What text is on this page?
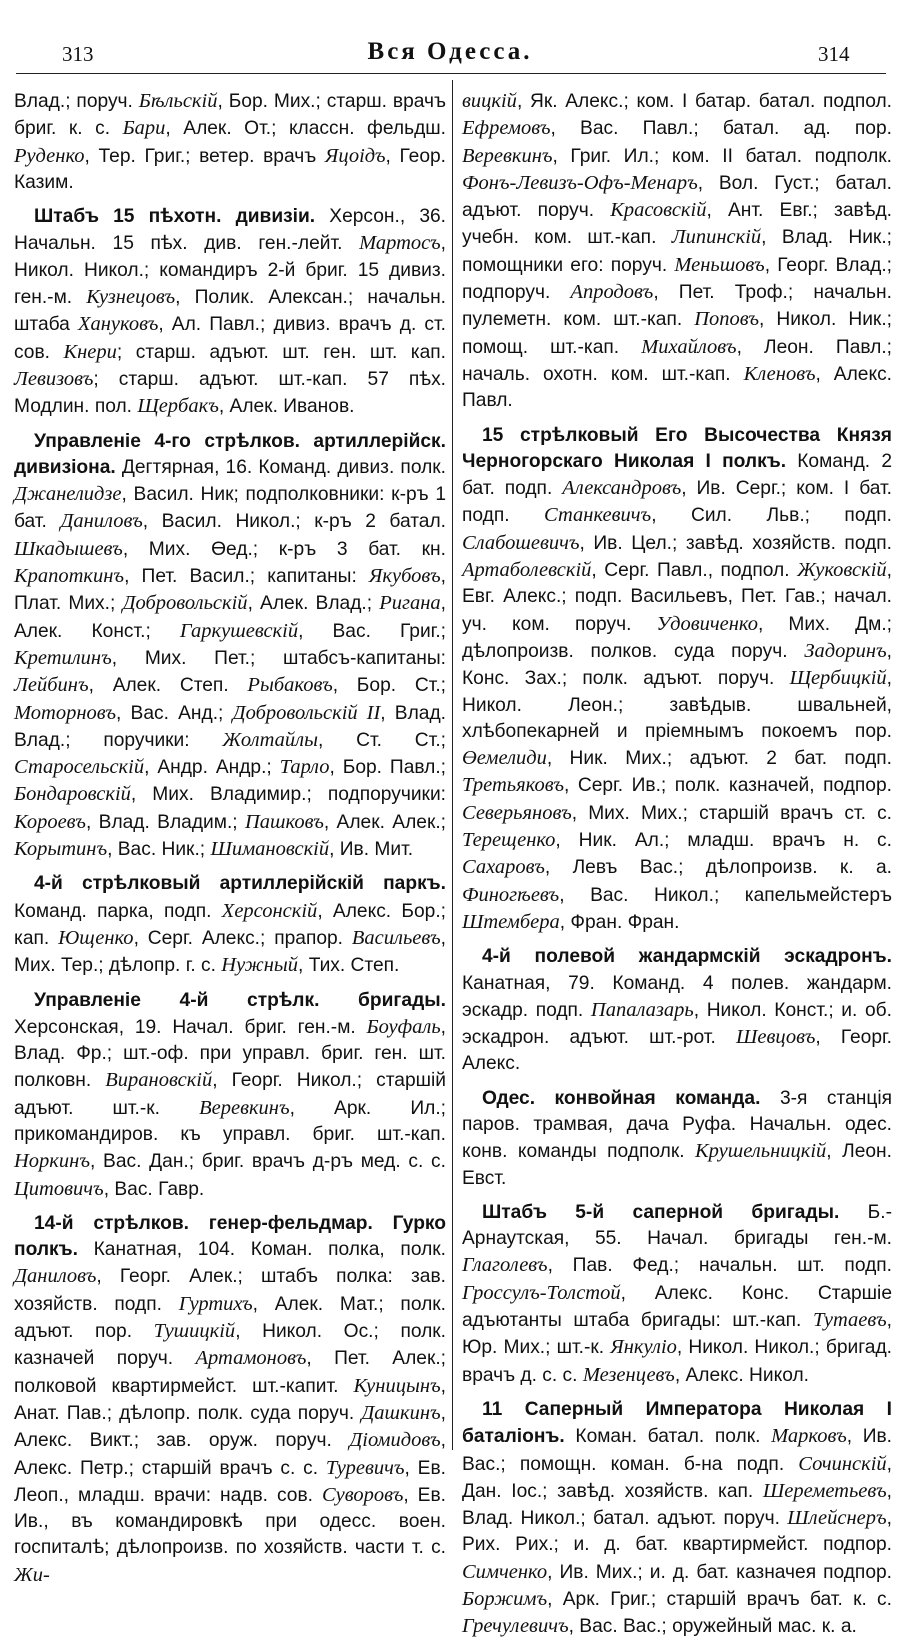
313	Вся Одесса.	314

Влад.; поруч. Бѣльскій, Бор. Мих.; старш. врачъ бриг. к. с. Бари, Алек. От.; классн. фельдш. Руденко, Тер. Григ.; ветер. врачъ Яцоідъ, Геор. Казим.

Штабъ 15 пѣхотн. дивизіи. Херсон., 36. Начальн. 15 пѣх. див. ген.-лейт. Мартосъ, Никол. Никол.; командиръ 2-й бриг. 15 дивиз. ген.-м. Кузнецовъ, Полик. Алексан.; начальн. штаба Хануковъ, Ал. Павл.; дивиз. врачъ д. ст. сов. Кнери; старш. адъют. шт. ген. шт. кап. Левизовъ; старш. адъют. шт.-кап. 57 пѣх. Модлин. пол. Щербакъ, Алек. Иванов.

Управленіе 4-го стрѣлков. артиллерійск. дивизіона. Дегтярная, 16. Команд. дивиз. полк. Джанелидзе, Васил. Ник; подполковники: к-ръ 1 бат. Даниловъ, Васил. Никол.; к-ръ 2 батал. Шкадышевъ, Мих. Өед.; к-ръ 3 бат. кн. Крапоткинъ, Пет. Васил.; капитаны: Якубовъ, Плат. Мих.; Добровольскій, Алек. Влад.; Ригана, Алек. Конст.; Гаркушевскій, Вас. Григ.; Кретилинъ, Мих. Пет.; штабсъ-капитаны: Лейбинъ, Алек. Степ. Рыбаковъ, Бор. Ст.; Моторновъ, Вас. Анд.; Добровольскій II, Влад. Влад.; поручики: Жолтайлы, Ст. Ст.; Старосельскій, Андр. Андр.; Тарло, Бор. Павл.; Бондаровскій, Мих. Владимир.; подпоручики: Короевъ, Влад. Владим.; Пашковъ, Алек. Алек.; Корытинъ, Вас. Ник.; Шимановскій, Ив. Мит.

4-й стрѣлковый артиллерійскій паркъ. Команд. парка, подп. Херсонскій, Алекс. Бор.; кап. Ющенко, Серг. Алекс.; прапор. Васильевъ, Мих. Тер.; дѣлопр. г. с. Нужный, Тих. Степ.

Управленіе 4-й стрѣлк. бригады. Херсонская, 19. Начал. бриг. ген.-м. Боуфаль, Влад. Фр.; шт.-оф. при управл. бриг. ген. шт. полковн. Вирановскій, Георг. Никол.; старшій адъют. шт.-к. Веревкинъ, Арк. Ил.; прикомандиров. къ управл. бриг. шт.-кап. Норкинъ, Вас. Дан.; бриг. врачъ д-ръ мед. с. с. Цитовичъ, Вас. Гавр.

14-й стрѣлков. генер-фельдмар. Гурко полкъ. Канатная, 104. Коман. полка, полк. Даниловъ, Георг. Алек.; штабъ полка: зав. хозяйств. подп. Гуртихъ, Алек. Мат.; полк. адъют. пор. Тушицкій, Никол. Ос.; полк. казначей поруч. Артамоновъ, Пет. Алек.; полковой квартирмейст. шт.-капит. Куницынъ, Анат. Пав.; дѣлопр. полк. суда поруч. Дашкинъ, Алекс. Викт.; зав. оруж. поруч. Діомидовъ, Алекс. Петр.; старшій врачъ с. с. Туревичъ, Ев. Леоп., младш. врачи: надв. сов. Суворовъ, Ев. Ив., въ командировкѣ при одесс. воен. госпиталѣ; дѣлопроизв. по хозяйств. части т. с. Жи-

вицкій, Як. Алекс.; ком. I батар. батал. подпол. Ефремовъ, Вас. Павл.; батал. ад. пор. Веревкинъ, Григ. Ил.; ком. II батал. подполк. Фонъ-Левизъ-Офъ-Менаръ, Вол. Густ.; батал. адъют. поруч. Красовскій, Ант. Евг.; завѣд. учебн. ком. шт.-кап. Липинскій, Влад. Ник.; помощники его: поруч. Меньшовъ, Георг. Влад.; подпоруч. Апродовъ, Пет. Троф.; начальн. пулеметн. ком. шт.-кап. Поповъ, Никол. Ник.; помощ. шт.-кап. Михайловъ, Леон. Павл.; началь. охотн. ком. шт.-кап. Кленовъ, Алекс. Павл.

15 стрѣлковый Его Высочества Князя Черногорскаго Николая I полкъ. Команд. 2 бат. подп. Александровъ, Ив. Серг.; ком. I бат. подп. Станкевичъ, Сил. Льв.; подп. Слабошевичъ, Ив. Цел.; завѣд. хозяйств. подп. Артаболевскій, Серг. Павл., подпол. Жуковскій, Евг. Алекс.; подп. Васильевъ, Пет. Гав.; начал. уч. ком. поруч. Удовиченко, Мих. Дм.; дѣлопроизв. полков. суда поруч. Задоринъ, Конс. Зах.; полк. адъют. поруч. Щербицкій, Никол. Леон.; завѣдыв. швальней, хлѣбопекарней и пріемнымъ покоемъ пор. Өемелиди, Ник. Мих.; адъют. 2 бат. подп. Третьяковъ, Серг. Ив.; полк. казначей, подпор. Северьяновъ, Мих. Мих.; старшій врачъ ст. с. Терещенко, Ник. Ал.; младш. врачъ н. с. Сахаровъ, Левъ Вас.; дѣлопроизв. к. а. Финогѣевъ, Вас. Никол.; капельмейстеръ Штембера, Фран. Фран.

4-й полевой жандармскій эскадронъ. Канатная, 79. Команд. 4 полев. жандарм. эскадр. подп. Папалазарь, Никол. Конст.; и. об. эскадрон. адъют. шт.-рот. Шевцовъ, Георг. Алекс.

Одес. конвойная команда. 3-я станція паров. трамвая, дача Руфа. Начальн. одес. конв. команды подполк. Крушельницкій, Леон. Евст.

Штабъ 5-й саперной бригады. Б.-Арнаутская, 55. Начал. бригады ген.-м. Глаголевъ, Пав. Фед.; начальн. шт. подп. Гроссулъ-Толстой, Алекс. Конс. Старшіе адъютанты штаба бригады: шт.-кап. Тутаевъ, Юр. Мих.; шт.-к. Янкуліо, Никол. Никол.; бригад. врачъ д. с. с. Мезенцевъ, Алекс. Никол.

11 Саперный Императора Николая I баталіонъ. Коман. батал. полк. Марковъ, Ив. Вас.; помощн. коман. б-на подп. Сочинскій, Дан. Іос.; завѣд. хозяйств. кап. Шереметьевъ, Влад. Никол.; батал. адъют. поруч. Шлейснеръ, Рих. Рих.; и. д. бат. квартирмейст. подпор. Симченко, Ив. Мих.; и. д. бат. казначея подпор. Боржимъ, Арк. Григ.; старшій врачъ бат. к. с. Гречулевичъ, Вас. Вас.; оружейный мас. к. а.
